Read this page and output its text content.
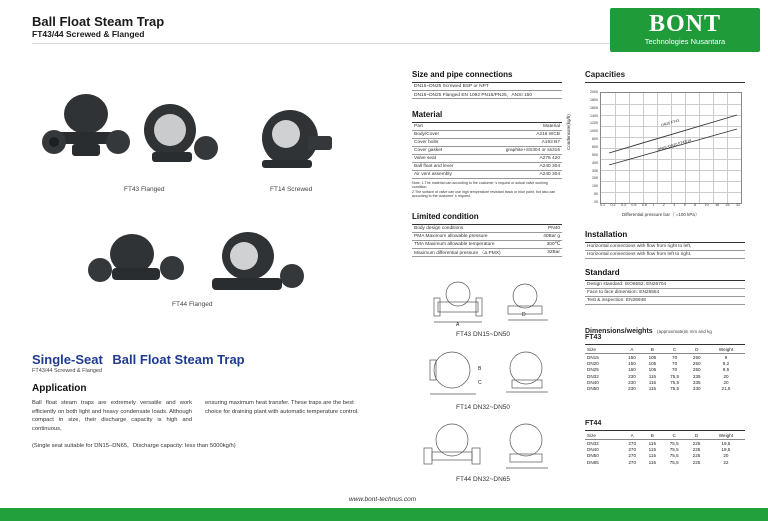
Ball Float Steam Trap
FT43/44 Screwed & Flanged	BONT
Technologies Nusantara
FT43 Flanged	FT14 Screwed
FT44 Flanged
Single-Seat Ball Float Steam Trap
FT43/44 Screwed & Flanged
Application
Ball float steam traps are extremely versatile and work efficiently on both light and heavy condensate loads. Although compact in size, their discharge capacity is high and continuous,
ensuring maximum heat transfer. These traps are the best choice for draining plant with automatic temperature control.
(Single seat suitable for DN15–DN65，Discharge capacity: less than 5000kg/h)
Size and pipe connections
DN15~DN25 Screwed BSP or NPT
DN15~DN25 Flanged EN 1092 PN16/PN25，ANSI 150
Material
Part	Material
Body/Cover	A216 WCB
Cover bolts	A193 B7
Cover gasket	graphite+SS304 or ss316
Valve seat	A276 420
Ball float and lever	A240 304
Air vent assembly	A240 304
Note: 1.The material can according to the customer' s request or actual valve working condition.
2.The surface of valve can use high temperature resistant black or blue paint, but also can according to the customer' s request.
Limited condition
Body design conditions	PN40
PMA Maximum allowable pressure	40Bar g
TMA Maximum allowable temperature	300℃
Maximum differential pressure （Δ PMX)	32Bar
A
D
FT43 DN15~DN50
B
C
FT14 DN32~DN50
FT44 DN32~DN65
Capacities
Condensate(kg/h)	DN25 FT43
DN15~DN20 FT43/14
2000
1800
1600
1400
1200
1000
800
600
500
400
300
200
100
50
20
0.1 0.2 0.3 0.5 0.8 1 2 3 5 8 10 16 25 32
Differential pressure bar（ =100 kPa）
Installation
Horizontal connections with flow from right to left,
Horizontal connections with flow from left to right.
Standard
Design standard: ISO6552; EN26704
Face to face dimension: EN26554
Test & inspection: EN26948
Dimensions/weights (approximate)in mm and kg
FT43
Size	A	B	C	D	Weight
DN15	150	105	70	250	9
DN20	150	105	70	250	9,2
DN25	160	105	70	250	9,5
DN32	230	115	75,5	335	20
DN40	230	115	75,5	335	20
DN50	230	115	75,5	330	21,5
FT44
Size	A	B	C	D	Weight
DN32	270	115	75,5	225	19,5
DN40	270	115	75,5	225	19,5
DN50	270	115	75,5	225	20
DN65	270	115	75,5	225	22
www.bont-technus.com
